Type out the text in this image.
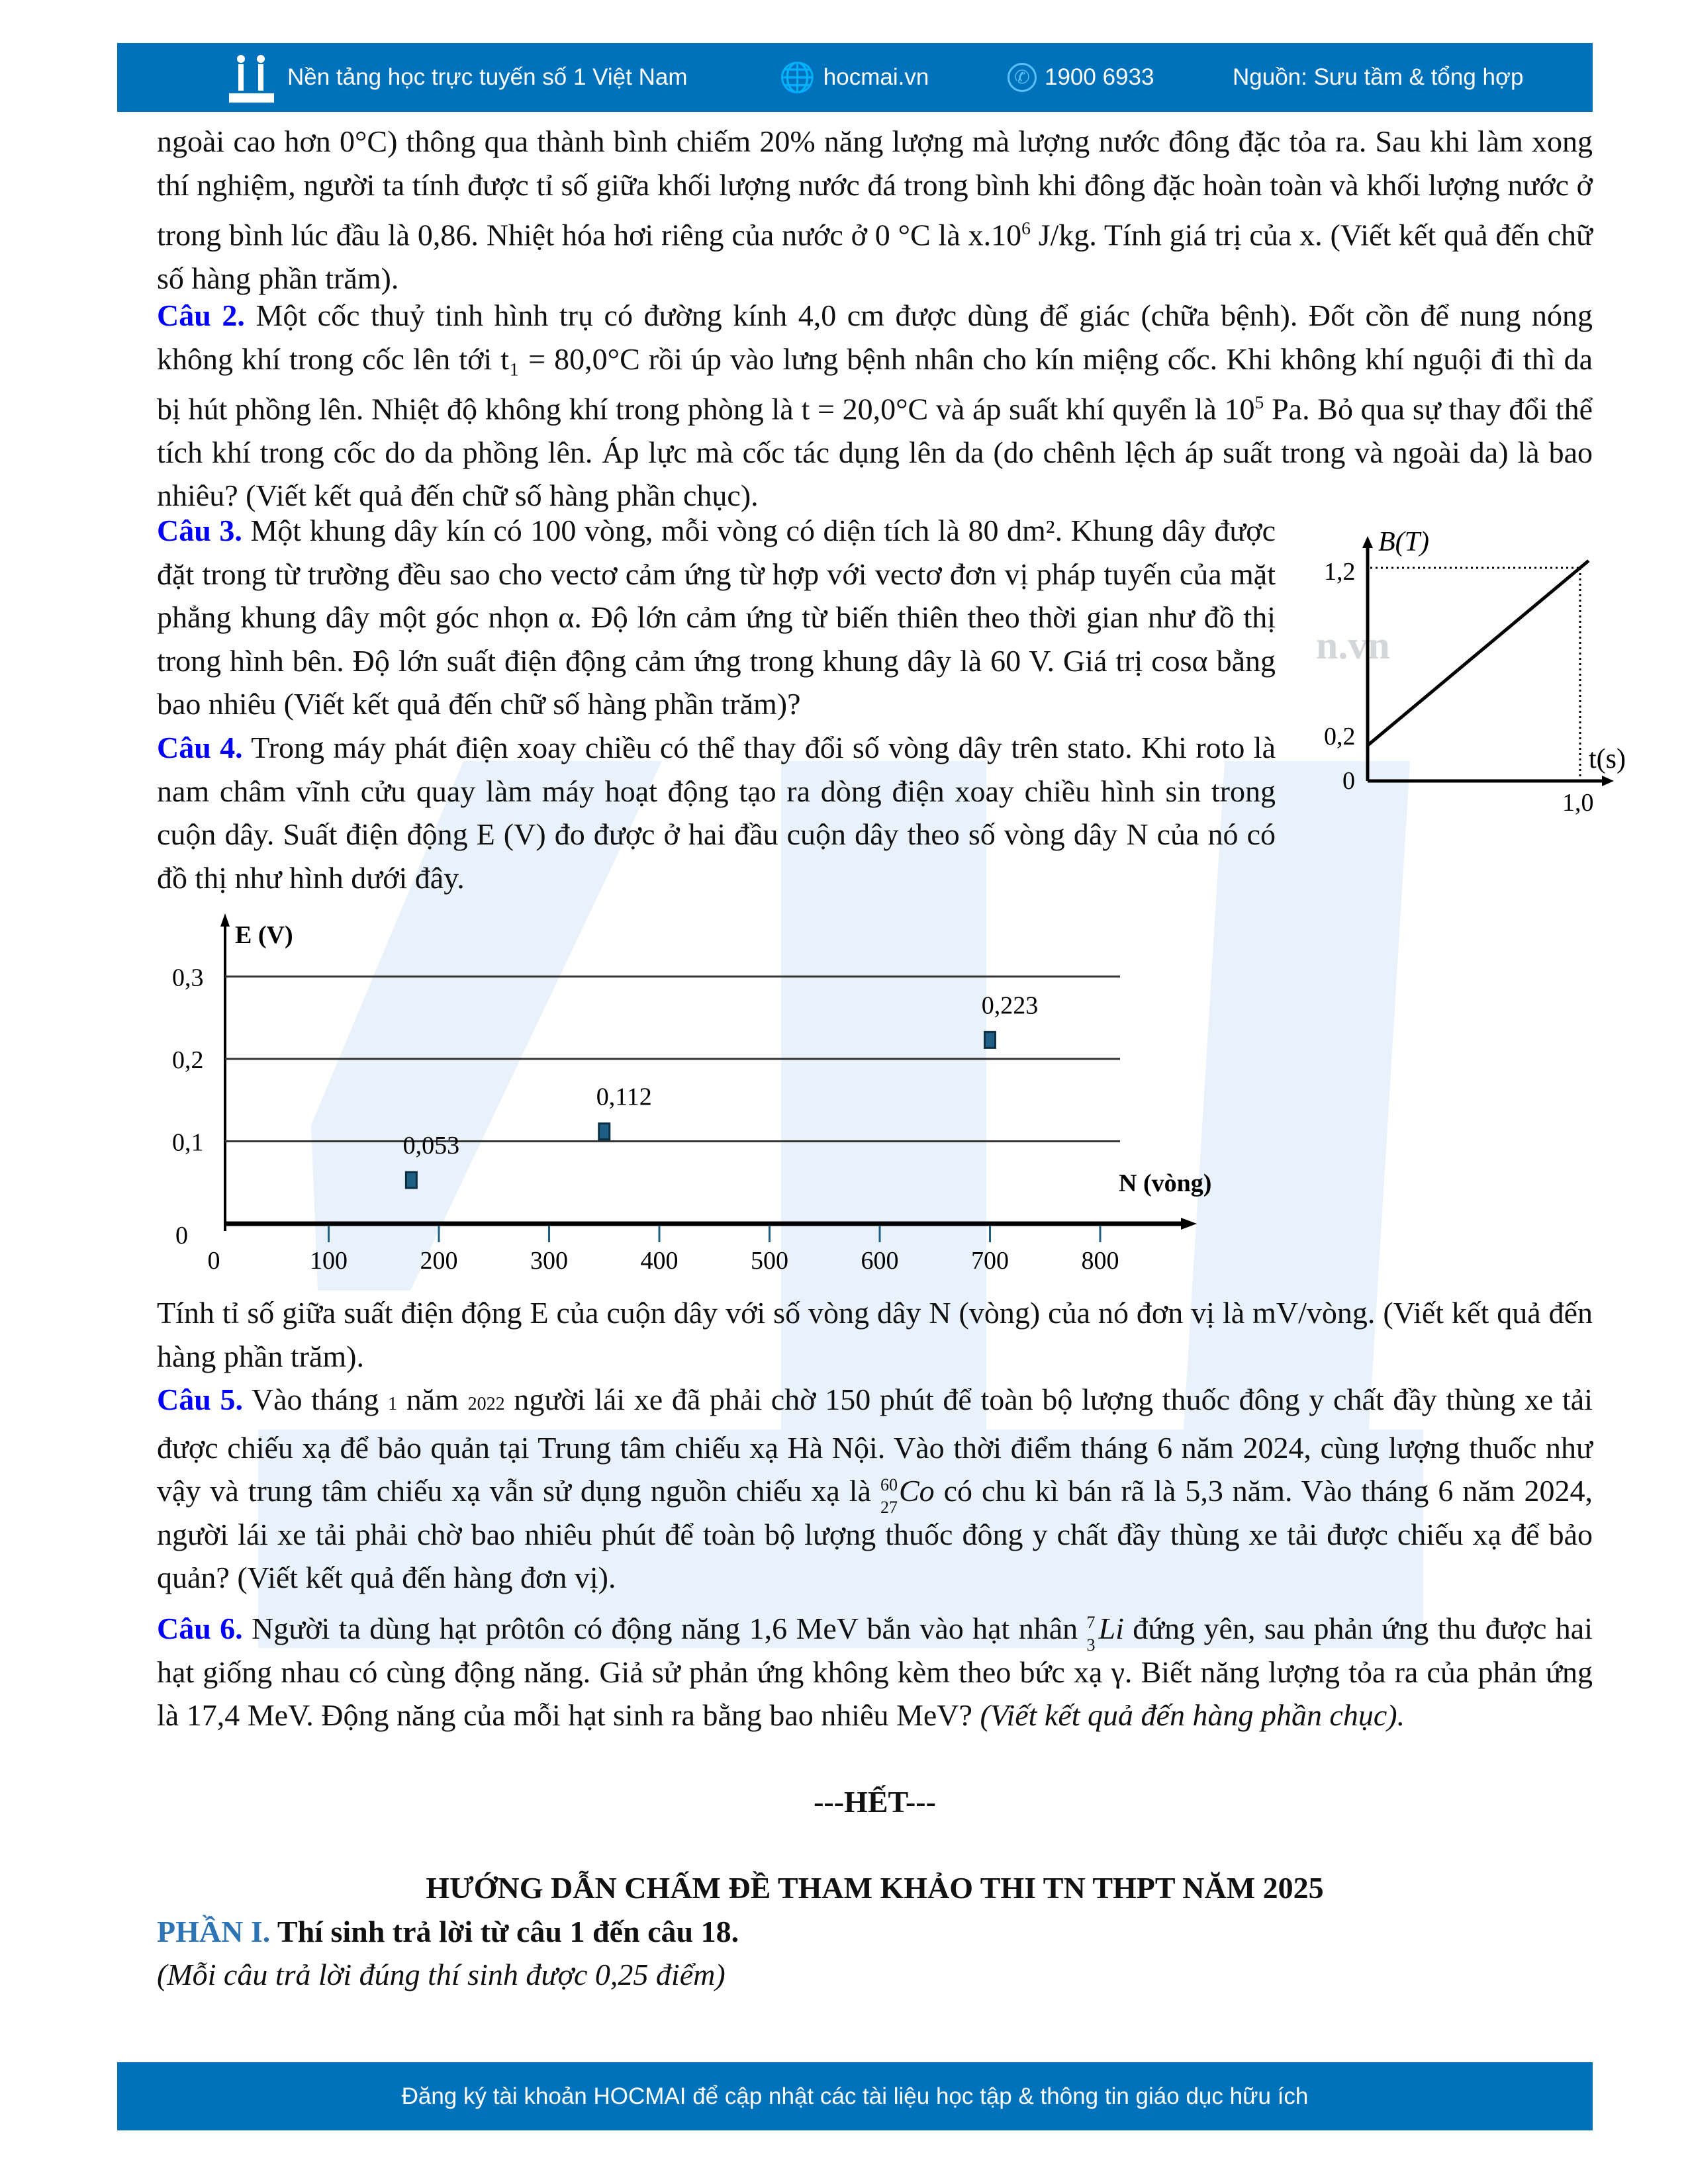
Nền tảng học trực tuyến số 1 Việt Nam	🌐 hocmai.vn	✆ 1900 6933	Nguồn: Sưu tầm & tổng hợp
ngoài cao hơn 0°C) thông qua thành bình chiếm 20% năng lượng mà lượng nước đông đặc tỏa ra. Sau khi làm xong thí nghiệm, người ta tính được tỉ số giữa khối lượng nước đá trong bình khi đông đặc hoàn toàn và khối lượng nước ở trong bình lúc đầu là 0,86. Nhiệt hóa hơi riêng của nước ở 0 °C là $x.10^6$ J/kg. Tính giá trị của x. (Viết kết quả đến chữ số hàng phần trăm).
Câu 2. Một cốc thuỷ tinh hình trụ có đường kính 4,0 cm được dùng để giác (chữa bệnh). Đốt cồn để nung nóng không khí trong cốc lên tới t₁ = 80,0°C rồi úp vào lưng bệnh nhân cho kín miệng cốc. Khi không khí nguội đi thì da bị hút phồng lên. Nhiệt độ không khí trong phòng là t = 20,0°C và áp suất khí quyển là $10^5$ Pa. Bỏ qua sự thay đổi thể tích khí trong cốc do da phồng lên. Áp lực mà cốc tác dụng lên da (do chênh lệch áp suất trong và ngoài da) là bao nhiêu? (Viết kết quả đến chữ số hàng phần chục).
Câu 3. Một khung dây kín có 100 vòng, mỗi vòng có diện tích là 80 dm². Khung dây được đặt trong từ trường đều sao cho vectơ cảm ứng từ hợp với vectơ đơn vị pháp tuyến của mặt phẳng khung dây một góc nhọn α. Độ lớn cảm ứng từ biến thiên theo thời gian như đồ thị trong hình bên. Độ lớn suất điện động cảm ứng trong khung dây là 60 V. Giá trị cosα bằng bao nhiêu (Viết kết quả đến chữ số hàng phần trăm)?
n.vn
B(T)
1,2
0,2
0
t(s)
1,0
Câu 4. Trong máy phát điện xoay chiều có thể thay đổi số vòng dây trên stato. Khi roto là nam châm vĩnh cửu quay làm máy hoạt động tạo ra dòng điện xoay chiều hình sin trong cuộn dây. Suất điện động E (V) đo được ở hai đầu cuộn dây theo số vòng dây N của nó có đồ thị như hình dưới đây.
E (V)
N (vòng)
0
0,1
0,2
0,3
0	100	200	300	400	500	600	700	800
0,053
0,112
0,223
Tính tỉ số giữa suất điện động E của cuộn dây với số vòng dây N (vòng) của nó đơn vị là mV/vòng. (Viết kết quả đến hàng phần trăm).
Câu 5. Vào tháng 1 năm 2022 người lái xe đã phải chờ 150 phút để toàn bộ lượng thuốc đông y chất đầy thùng xe tải được chiếu xạ để bảo quản tại Trung tâm chiếu xạ Hà Nội. Vào thời điểm tháng 6 năm 2024, cùng lượng thuốc như vậy và trung tâm chiếu xạ vẫn sử dụng nguồn chiếu xạ là 60
27 Co có chu kì bán rã là 5,3 năm. Vào tháng 6 năm 2024, người lái xe tải phải chờ bao nhiêu phút để toàn bộ lượng thuốc đông y chất đầy thùng xe tải được chiếu xạ để bảo quản? (Viết kết quả đến hàng đơn vị).
Câu 6. Người ta dùng hạt prôtôn có động năng 1,6 MeV bắn vào hạt nhân 7
3 Li đứng yên, sau phản ứng thu được hai hạt giống nhau có cùng động năng. Giả sử phản ứng không kèm theo bức xạ γ. Biết năng lượng tỏa ra của phản ứng là 17,4 MeV. Động năng của mỗi hạt sinh ra bằng bao nhiêu MeV? (Viết kết quả đến hàng phần chục).
---HẾT---
HƯỚNG DẪN CHẤM ĐỀ THAM KHẢO THI TN THPT NĂM 2025
PHẦN I. Thí sinh trả lời từ câu 1 đến câu 18.
(Mỗi câu trả lời đúng thí sinh được 0,25 điểm)
Đăng ký tài khoản HOCMAI để cập nhật các tài liệu học tập & thông tin giáo dục hữu ích
